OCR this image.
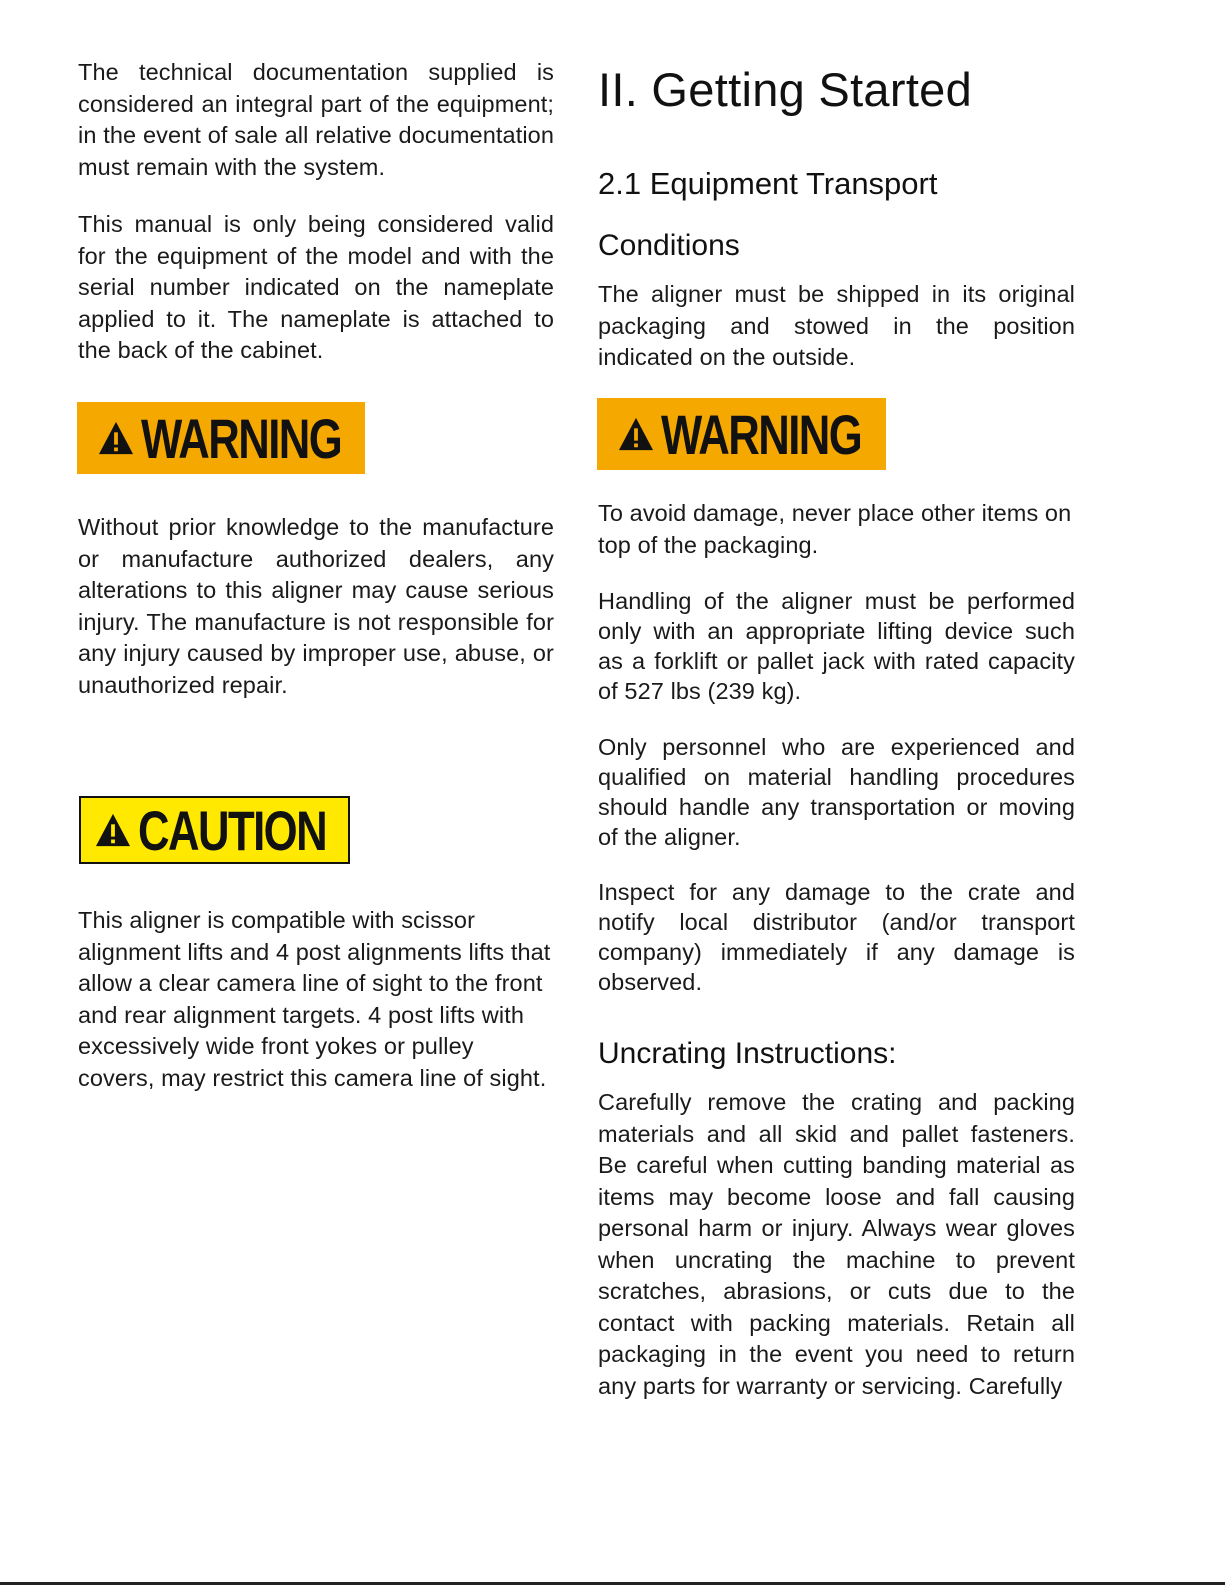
The technical documentation supplied is considered an integral part of the equipment; in the event of sale all relative documentation must remain with the system.

This manual is only being considered valid for the equipment of the model and with the serial number indicated on the nameplate applied to it. The nameplate is attached to the back of the cabinet.

WARNING

Without prior knowledge to the manufacture or manufacture authorized dealers, any alterations to this aligner may cause serious injury. The manufacture is not responsible for any injury caused by improper use, abuse, or unauthorized repair.

CAUTION

This aligner is compatible with scissor alignment lifts and 4 post alignments lifts that allow a clear camera line of sight to the front and rear alignment targets. 4 post lifts with excessively wide front yokes or pulley covers, may restrict this camera line of sight.

II. Getting Started
2.1 Equipment Transport
Conditions

The aligner must be shipped in its original packaging and stowed in the position indicated on the outside.

WARNING

To avoid damage, never place other items on top of the packaging.

Handling of the aligner must be performed only with an appropriate lifting device such as a forklift or pallet jack with rated capacity of 527 lbs (239 kg).

Only personnel who are experienced and qualified on material handling procedures should handle any transportation or moving of the aligner.

Inspect for any damage to the crate and notify local distributor (and/or transport company) immediately if any damage is observed.

Uncrating Instructions:

Carefully remove the crating and packing materials and all skid and pallet fasteners. Be careful when cutting banding material as items may become loose and fall causing personal harm or injury. Always wear gloves when uncrating the machine to prevent scratches, abrasions, or cuts due to the contact with packing materials. Retain all packaging in the event you need to return any parts for warranty or servicing. Carefully
